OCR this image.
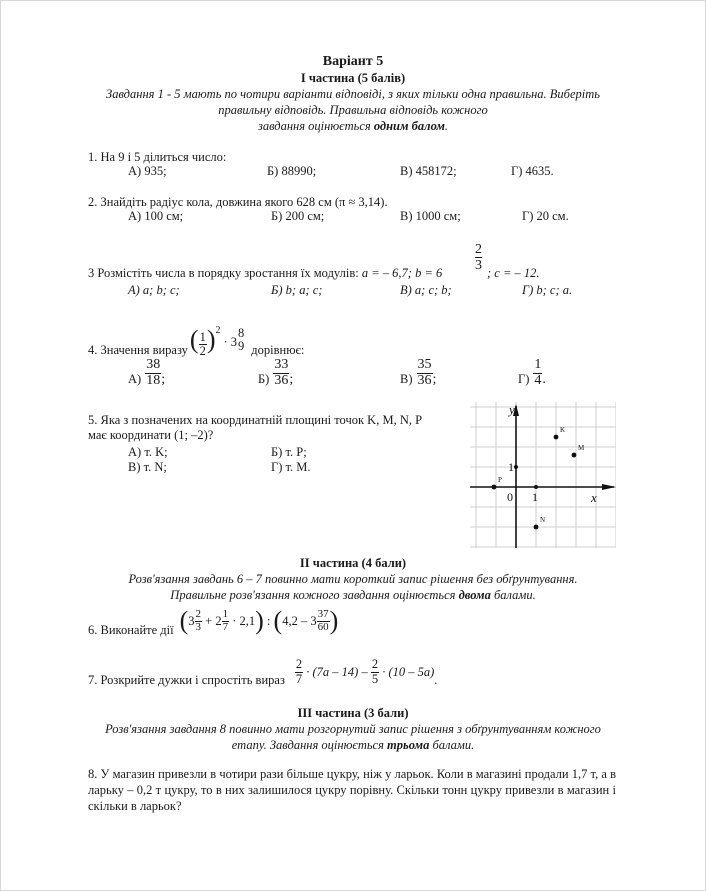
Варіант 5
І частина (5 балів)
Завдання 1 - 5 мають по чотири варіанти відповіді, з яких тільки одна правильна. Виберіть
правильну відповідь. Правильна відповідь кожного
завдання оцінюється одним балом.
1. На 9 і 5 ділиться число:
А) 935;	Б) 88990;	В) 458172;	Г) 4635.
2. Знайдіть радіус кола, довжина якого 628 см (π ≈ 3,14).
А) 100 см;	Б) 200 см;	В) 1000 см;	Г) 20 см.
3 Розмістіть числа в порядку зростання їх модулів: a = – 6,7; b = 6
2
3 ; c = – 12.
А) a; b; c;	Б) b; a; c;	В) a; c; b;	Г) b; c; a.
4. Значення виразу ( 1
2 )$^2$
· 3
8
9 дорівнює:
А)
38
18 ;	Б)
33
36 ;	В)
35
36 ;	Г)
1
4 .
5. Яка з позначених на координатній площині точок K, M, N, P
має координати (1; –2)?
А) т. K;	Б) т. P;
В) т. N;	Г) т. M.
y
x
0 1
1
K
M
N
P
ІІ частина (4 бали)
Розв'язання завдань 6 – 7 повинно мати короткий запис рішення без обґрунтування.
Правильне розв'язання кожного завдання оцінюється двома балами.
6. Виконайте дії ( 3 2
3 + 2 1
7 · 2,1 ) : ( 4,2 – 3 37
60 )
7. Розкрийте дужки і спростіть вираз
2
7 · (7a – 14) –
2
5 · (10 – 5a)
.
ІІІ частина (3 бали)
Розв'язання завдання 8 повинно мати розгорнутий запис рішення з обґрунтуванням кожного
етапу. Завдання оцінюється трьома балами.
8. У магазин привезли в чотири рази більше цукру, ніж у ларьок. Коли в магазині продали 1,7 т, а в ларьку – 0,2 т цукру, то в них залишилося цукру порівну. Скільки тонн цукру привезли в магазин і скільки в ларьок?
